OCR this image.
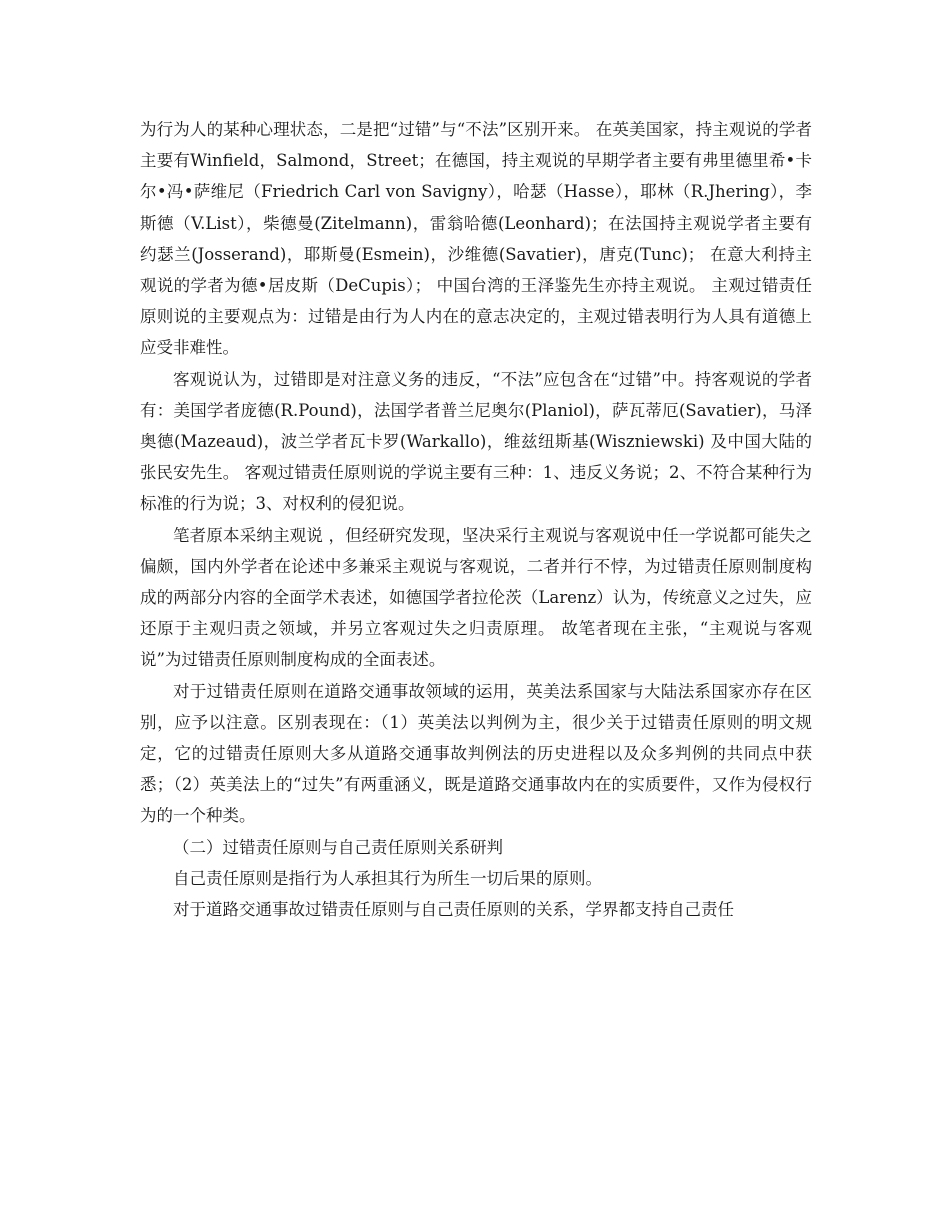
为行为人的某种心理状态，二是把“过错”与“不法”区别开来。 在英美国家，持主观说的学者主要有Winfield，Salmond，Street；在德国，持主观说的早期学者主要有弗里德里希•卡尔•冯•萨维尼（Friedrich Carl von Savigny），哈瑟（Hasse），耶林（R.Jhering），李斯德（V.List），柴德曼(Zitelmann)，雷翁哈德(Leonhard)；在法国持主观说学者主要有约瑟兰(Josserand)，耶斯曼(Esmein)，沙维德(Savatier)，唐克(Tunc)； 在意大利持主观说的学者为德•居皮斯（DeCupis）； 中国台湾的王泽鉴先生亦持主观说。 主观过错责任原则说的主要观点为：过错是由行为人内在的意志决定的，主观过错表明行为人具有道德上应受非难性。

客观说认为，过错即是对注意义务的违反，“不法”应包含在“过错”中。持客观说的学者有：美国学者庞德(R.Pound)，法国学者普兰尼奥尔(Planiol)，萨瓦蒂厄(Savatier)，马泽奥德(Mazeaud)，波兰学者瓦卡罗(Warkallo)，维兹纽斯基(Wiszniewski) 及中国大陆的张民安先生。 客观过错责任原则说的学说主要有三种：1、违反义务说；2、不符合某种行为标准的行为说；3、对权利的侵犯说。

笔者原本采纳主观说 ，但经研究发现，坚决采行主观说与客观说中任一学说都可能失之偏颇，国内外学者在论述中多兼采主观说与客观说，二者并行不悖，为过错责任原则制度构成的两部分内容的全面学术表述，如德国学者拉伦茨（Larenz）认为，传统意义之过失，应还原于主观归责之领域，并另立客观过失之归责原理。 故笔者现在主张，“主观说与客观说”为过错责任原则制度构成的全面表述。

对于过错责任原则在道路交通事故领域的运用，英美法系国家与大陆法系国家亦存在区别，应予以注意。区别表现在：（1）英美法以判例为主，很少关于过错责任原则的明文规定，它的过错责任原则大多从道路交通事故判例法的历史进程以及众多判例的共同点中获悉；（2）英美法上的“过失”有两重涵义，既是道路交通事故内在的实质要件，又作为侵权行为的一个种类。

（二）过错责任原则与自己责任原则关系研判

自己责任原则是指行为人承担其行为所生一切后果的原则。

对于道路交通事故过错责任原则与自己责任原则的关系，学界都支持自己责任
